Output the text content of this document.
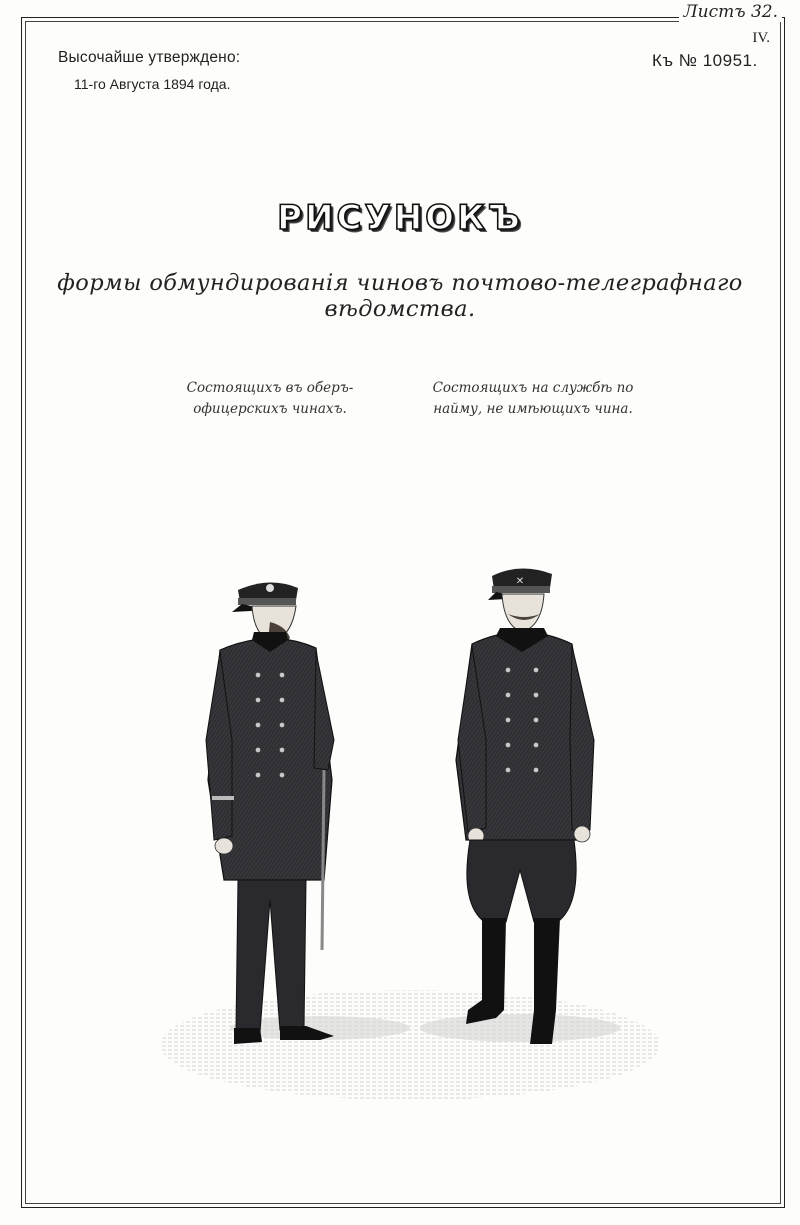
Листъ 32.
IV.
Высочайше утверждено:
11-го Августа 1894 года.
Къ № 10951.
РИСУНОКЪ
формы обмундированія чиновъ почтово-телеграфнаго вѣдомства.
Состоящихъ въ оберъ-
офицерскихъ чинахъ.
Состоящихъ на службѣ по
найму, не имѣющихъ чина.
✕
